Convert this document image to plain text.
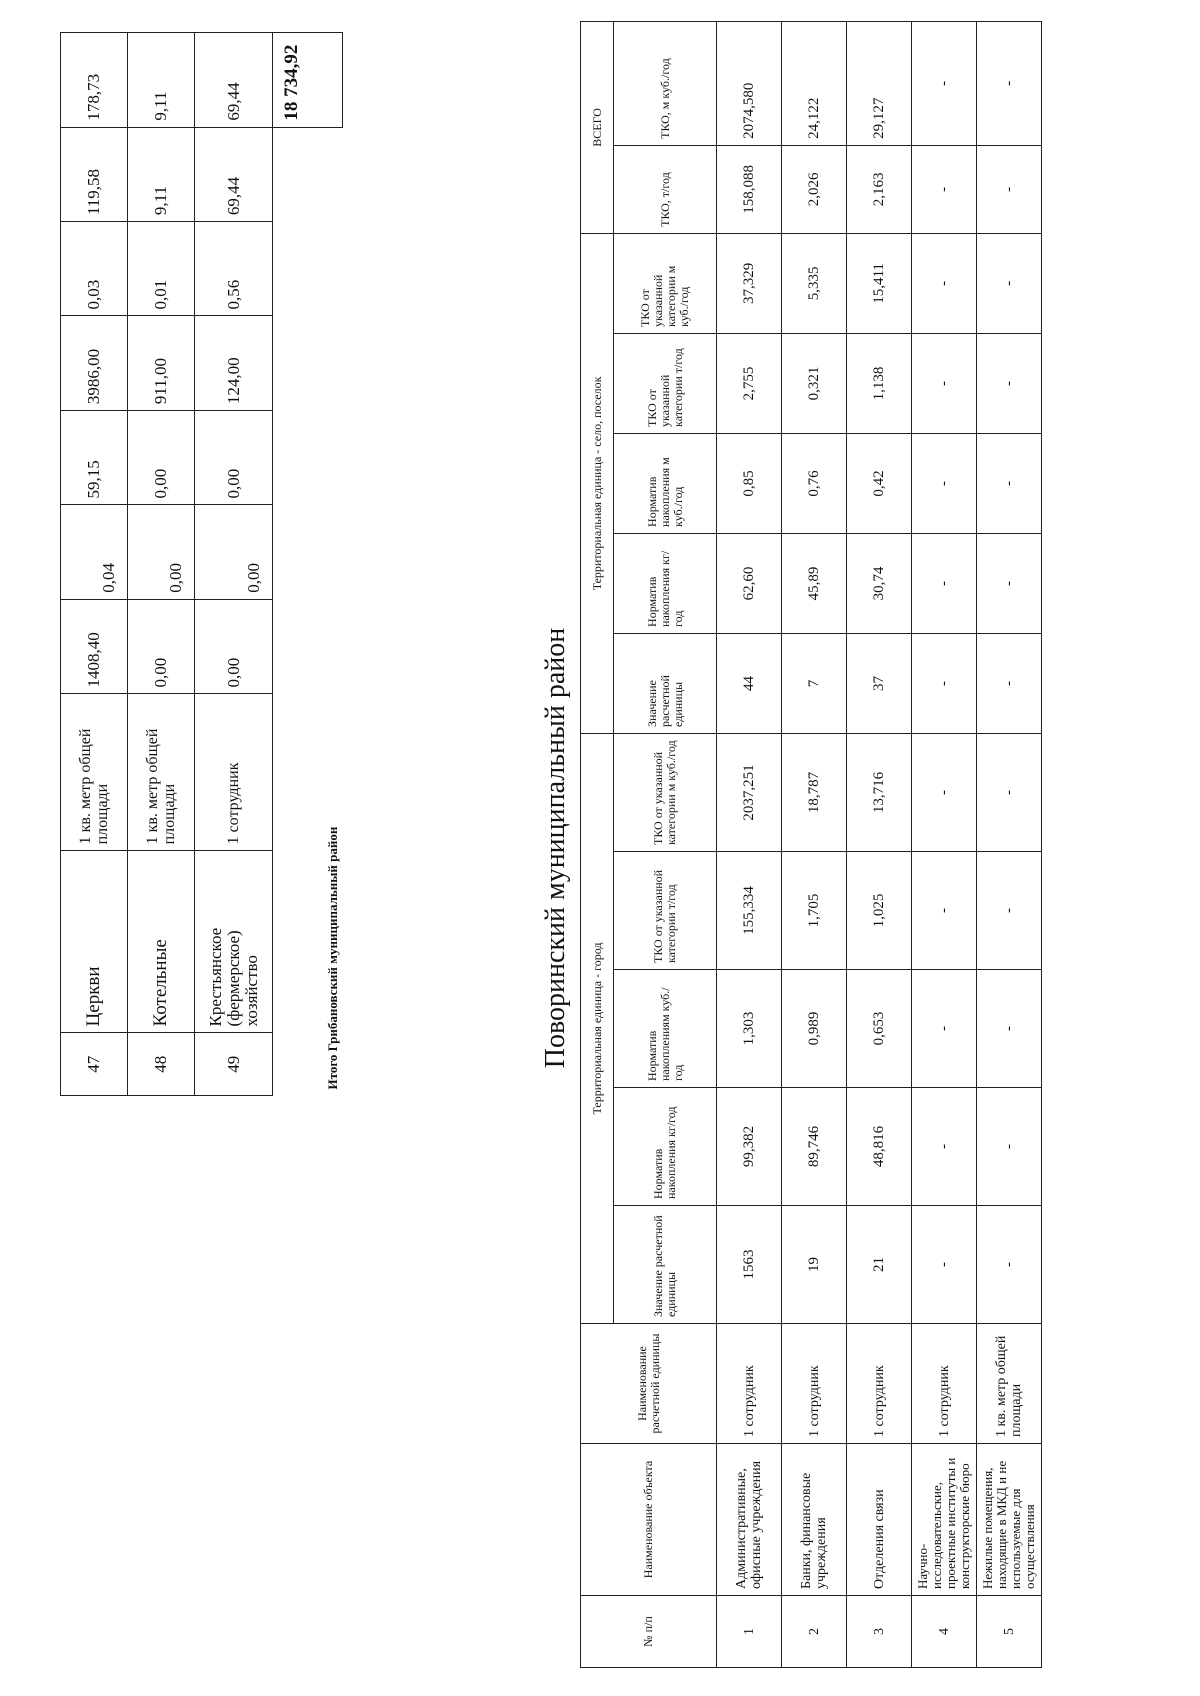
47	Церкви	1 кв. метр общей площади	1408,40	0,04	59,15	3986,00	0,03	119,58	178,73
48	Котельные	1 кв. метр общей площади	0,00	0,00	0,00	911,00	0,01	9,11	9,11
49	Крестьянское (фермерское) хозяйство	1 сотрудник	0,00	0,00	0,00	124,00	0,56	69,44	69,44
Итого Грибановский муниципальный район									18 734,92
Поворинский муниципальный район
№ п/п	Наименование объекта	Наименование расчетной единицы	Территориальная единица - город					Территориальная единица - село, поселок					ВСЕГО	
			Значение расчетной единицы	Норматив накопления кг/год	Норматив накоплениям куб./год	ТКО от указанной категории т/год	ТКО от указанной категории м куб./год	Значение расчетной единицы	Норматив накопления кг/год	Норматив накопления м куб./год	ТКО от указанной категории т/год	ТКО от указанной категории м куб./год	ТКО, т/год	ТКО, м куб./год
1	Административные, офисные учреждения	1 сотрудник	1563	99,382	1,303	155,334	2037,251	44	62,60	0,85	2,755	37,329	158,088	2074,580
2	Банки, финансовые учреждения	1 сотрудник	19	89,746	0,989	1,705	18,787	7	45,89	0,76	0,321	5,335	2,026	24,122
3	Отделения связи	1 сотрудник	21	48,816	0,653	1,025	13,716	37	30,74	0,42	1,138	15,411	2,163	29,127
4	Научно-исследовательские, проектные институты и конструкторские бюро	1 сотрудник	-	-	-	-	-	-	-	-	-	-	-	-
5	Нежилые помещения, находящие в МКД и не используемые для осуществления	1 кв. метр общей площади	-	-	-	-	-	-	-	-	-	-	-	-
